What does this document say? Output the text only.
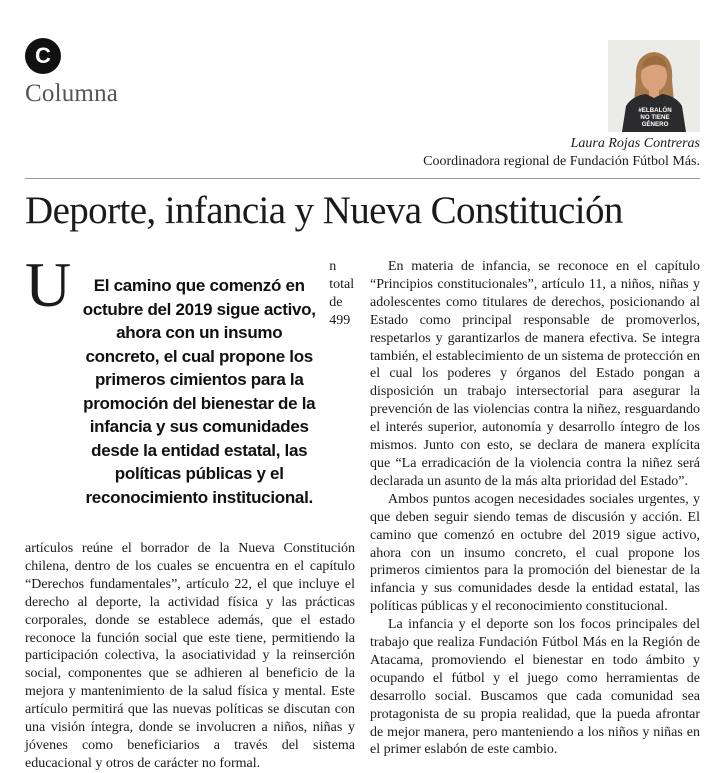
C
Columna
#ELBALÓN
NO TIENE
GÉNERO
Laura Rojas Contreras
Coordinadora regional de Fundación Fútbol Más.
Deporte, infancia y Nueva Constitución
U	El camino que comenzó en octubre del 2019 sigue activo, ahora con un insumo concreto, el cual propone los primeros cimientos para la promoción del bienestar de la infancia y sus comunidades desde la entidad estatal, las políticas públicas y el reconocimiento institucional.

n total de 499 artículos reúne el borrador de la Nueva Constitución chilena, dentro de los cuales se encuentra en el capítulo “Derechos fundamentales”, artículo 22, el que incluye el derecho al deporte, la actividad física y las prácticas corporales, donde se establece además, que el estado reconoce la función social que este tiene, permitiendo la participación colectiva, la asociatividad y la reinserción social, componentes que se adhieren al beneficio de la mejora y mantenimiento de la salud física y mental. Este artículo permitirá que las nuevas políticas se discutan con una visión íntegra, donde se involucren a niños, niñas y jóvenes como beneficiarios a través del sistema educacional y otros de carácter no formal.

En materia de infancia, se reconoce en el capítulo “Principios constitucionales”, artículo 11, a niños, niñas y adolescentes como titulares de derechos, posicionando al Estado como principal responsable de promoverlos, respetarlos y garantizarlos de manera efectiva. Se integra también, el establecimiento de un sistema de protección en el cual los poderes y órganos del Estado pongan a disposición un trabajo intersectorial para asegurar la prevención de las violencias contra la niñez, resguardando el interés superior, autonomía y desarrollo íntegro de los mismos. Junto con esto, se declara de manera explícita que “La erradicación de la violencia contra la niñez será declarada un asunto de la más alta prioridad del Estado”.

Ambos puntos acogen necesidades sociales urgentes, y que deben seguir siendo temas de discusión y acción. El camino que comenzó en octubre del 2019 sigue activo, ahora con un insumo concreto, el cual propone los primeros cimientos para la promoción del bienestar de la infancia y sus comunidades desde la entidad estatal, las políticas públicas y el reconocimiento constitucional.

La infancia y el deporte son los focos principales del trabajo que realiza Fundación Fútbol Más en la Región de Atacama, promoviendo el bienestar en todo ámbito y ocupando el fútbol y el juego como herramientas de desarrollo social. Buscamos que cada comunidad sea protagonista de su propia realidad, que la pueda afrontar de mejor manera, pero manteniendo a los niños y niñas en el primer eslabón de este cambio.
